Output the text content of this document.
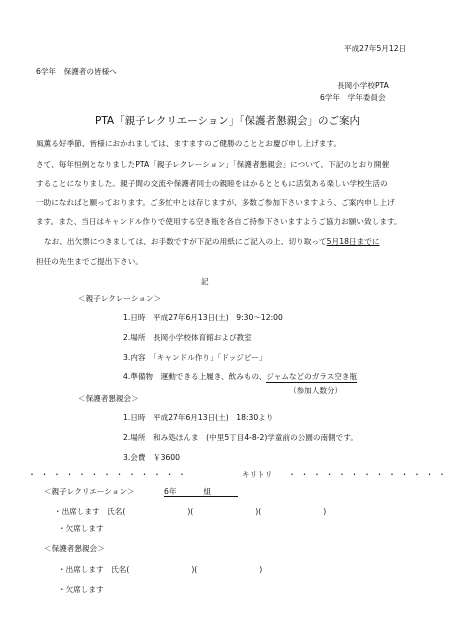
平成27年5月12日
6学年　保護者の皆様へ
長岡小学校PTA
6学年　学年委員会
PTA「親子レクリエーション」「保護者懇親会」のご案内
風薫る好季節、皆様におかれましては、ますますのご健勝のこととお慶び申し上げます。
さて、毎年恒例となりましたPTA「親子レクレーション」「保護者懇親会」について、下記のとおり開催
することになりました。親子間の交流や保護者同士の親睦をはかるとともに活気ある楽しい学校生活の
一助になればと願っております。ご多忙中とは存じますが、多数ご参加下さいますよう、ご案内申し上げ
ます。また、当日はキャンドル作りで使用する空き瓶を各自ご持参下さいますようご協力お願い致します。
なお、出欠票につきましては、お手数ですが下記の用紙にご記入の上、切り取って5月18日までに
担任の先生までご提出下さい。
記
＜親子レクレーション＞
1.日時　平成27年6月13日(土)　9:30～12:00
2.場所　長岡小学校体育館および教室
3.内容　「キャンドル作り」「ドッジビー」
4.準備物　運動できる上履き、飲みもの、ジャムなどのガラス空き瓶
（参加人数分）
＜保護者懇親会＞
1.日時　平成27年6月13日(土)　18:30より
2.場所　和み処ほんま　(中里5丁目4-8-2)学童前の公園の南側です。
3.会費　￥3600
・・・・・・・・・・・・・	キリトリ ・・・・・・・・・・・・・
＜親子レクリエーション＞	6年	組
・出席します　氏名(	)(	)(	)
・欠席します
＜保護者懇親会＞
・出席します　氏名(	)(	)
・欠席します
